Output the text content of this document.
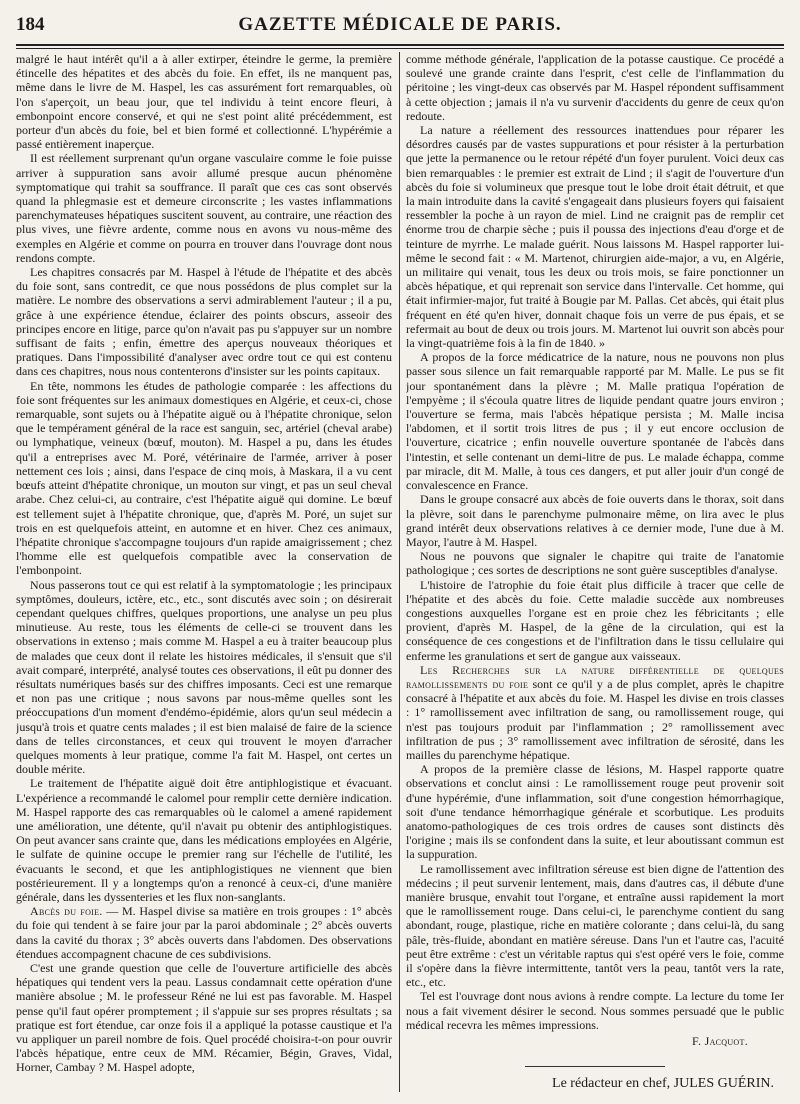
184	GAZETTE MÉDICALE DE PARIS.

malgré le haut intérêt qu'il a à aller extirper, éteindre le germe, la première étincelle des hépatites et des abcès du foie. En effet, ils ne manquent pas, même dans le livre de M. Haspel, les cas assurément fort remarquables, où l'on s'aperçoit, un beau jour, que tel individu à teint encore fleuri, à embonpoint encore conservé, et qui ne s'est point alité précédemment, est porteur d'un abcès du foie, bel et bien formé et collectionné. L'hypérémie a passé entièrement inaperçue.

Il est réellement surprenant qu'un organe vasculaire comme le foie puisse arriver à suppuration sans avoir allumé presque aucun phénomène symptomatique qui trahit sa souffrance. Il paraît que ces cas sont observés quand la phlegmasie est et demeure circonscrite ; les vastes inflammations parenchymateuses hépatiques suscitent souvent, au contraire, une réaction des plus vives, une fièvre ardente, comme nous en avons vu nous-même des exemples en Algérie et comme on pourra en trouver dans l'ouvrage dont nous rendons compte.

Les chapitres consacrés par M. Haspel à l'étude de l'hépatite et des abcès du foie sont, sans contredit, ce que nous possédons de plus complet sur la matière. Le nombre des observations a servi admirablement l'auteur ; il a pu, grâce à une expérience étendue, éclairer des points obscurs, asseoir des principes encore en litige, parce qu'on n'avait pas pu s'appuyer sur un nombre suffisant de faits ; enfin, émettre des aperçus nouveaux théoriques et pratiques. Dans l'impossibilité d'analyser avec ordre tout ce qui est contenu dans ces chapitres, nous nous contenterons d'insister sur les points capitaux.

En tête, nommons les études de pathologie comparée : les affections du foie sont fréquentes sur les animaux domestiques en Algérie, et ceux-ci, chose remarquable, sont sujets ou à l'hépatite aiguë ou à l'hépatite chronique, selon que le tempérament général de la race est sanguin, sec, artériel (cheval arabe) ou lymphatique, veineux (bœuf, mouton). M. Haspel a pu, dans les études qu'il a entreprises avec M. Poré, vétérinaire de l'armée, arriver à poser nettement ces lois ; ainsi, dans l'espace de cinq mois, à Maskara, il a vu cent bœufs atteint d'hépatite chronique, un mouton sur vingt, et pas un seul cheval arabe. Chez celui-ci, au contraire, c'est l'hépatite aiguë qui domine. Le bœuf est tellement sujet à l'hépatite chronique, que, d'après M. Poré, un sujet sur trois en est quelquefois atteint, en automne et en hiver. Chez ces animaux, l'hépatite chronique s'accompagne toujours d'un rapide amaigrissement ; chez l'homme elle est quelquefois compatible avec la conservation de l'embonpoint.

Nous passerons tout ce qui est relatif à la symptomatologie ; les principaux symptômes, douleurs, ictère, etc., etc., sont discutés avec soin ; on désirerait cependant quelques chiffres, quelques proportions, une analyse un peu plus minutieuse. Au reste, tous les éléments de celle-ci se trouvent dans les observations in extenso ; mais comme M. Haspel a eu à traiter beaucoup plus de malades que ceux dont il relate les histoires médicales, il s'ensuit que s'il avait comparé, interprété, analysé toutes ces observations, il eût pu donner des résultats numériques basés sur des chiffres imposants. Ceci est une remarque et non pas une critique ; nous savons par nous-même quelles sont les préoccupations d'un moment d'endémo-épidémie, alors qu'un seul médecin a jusqu'à trois et quatre cents malades ; il est bien malaisé de faire de la science dans de telles circonstances, et ceux qui trouvent le moyen d'arracher quelques moments à leur pratique, comme l'a fait M. Haspel, ont certes un double mérite.

Le traitement de l'hépatite aiguë doit être antiphlogistique et évacuant. L'expérience a recommandé le calomel pour remplir cette dernière indication. M. Haspel rapporte des cas remarquables où le calomel a amené rapidement une amélioration, une détente, qu'il n'avait pu obtenir des antiphlogistiques. On peut avancer sans crainte que, dans les médications employées en Algérie, le sulfate de quinine occupe le premier rang sur l'échelle de l'utilité, les évacuants le second, et que les antiphlogistiques ne viennent que bien postérieurement. Il y a longtemps qu'on a renoncé à ceux-ci, d'une manière générale, dans les dyssenteries et les flux non-sanglants.

Abcès du foie. — M. Haspel divise sa matière en trois groupes : 1° abcès du foie qui tendent à se faire jour par la paroi abdominale ; 2° abcès ouverts dans la cavité du thorax ; 3° abcès ouverts dans l'abdomen. Des observations étendues accompagnent chacune de ces subdivisions.

C'est une grande question que celle de l'ouverture artificielle des abcès hépatiques qui tendent vers la peau. Lassus condamnait cette opération d'une manière absolue ; M. le professeur Réné ne lui est pas favorable. M. Haspel pense qu'il faut opérer promptement ; il s'appuie sur ses propres résultats ; sa pratique est fort étendue, car onze fois il a appliqué la potasse caustique et l'a vu appliquer un pareil nombre de fois. Quel procédé choisira-t-on pour ouvrir l'abcès hépatique, entre ceux de MM. Récamier, Bégin, Graves, Vidal, Horner, Cambay ? M. Haspel adopte,

comme méthode générale, l'application de la potasse caustique. Ce procédé a soulevé une grande crainte dans l'esprit, c'est celle de l'inflammation du péritoine ; les vingt-deux cas observés par M. Haspel répondent suffisamment à cette objection ; jamais il n'a vu survenir d'accidents du genre de ceux qu'on redoute.

La nature a réellement des ressources inattendues pour réparer les désordres causés par de vastes suppurations et pour résister à la perturbation que jette la permanence ou le retour répété d'un foyer purulent. Voici deux cas bien remarquables : le premier est extrait de Lind ; il s'agit de l'ouverture d'un abcès du foie si volumineux que presque tout le lobe droit était détruit, et que la main introduite dans la cavité s'engageait dans plusieurs foyers qui faisaient ressembler la poche à un rayon de miel. Lind ne craignit pas de remplir cet énorme trou de charpie sèche ; puis il poussa des injections d'eau d'orge et de teinture de myrrhe. Le malade guérit. Nous laissons M. Haspel rapporter lui-même le second fait : « M. Martenot, chirurgien aide-major, a vu, en Algérie, un militaire qui venait, tous les deux ou trois mois, se faire ponctionner un abcès hépatique, et qui reprenait son service dans l'intervalle. Cet homme, qui était infirmier-major, fut traité à Bougie par M. Pallas. Cet abcès, qui était plus fréquent en été qu'en hiver, donnait chaque fois un verre de pus épais, et se refermait au bout de deux ou trois jours. M. Martenot lui ouvrit son abcès pour la vingt-quatrième fois à la fin de 1840. »

A propos de la force médicatrice de la nature, nous ne pouvons non plus passer sous silence un fait remarquable rapporté par M. Malle. Le pus se fit jour spontanément dans la plèvre ; M. Malle pratiqua l'opération de l'empyème ; il s'écoula quatre litres de liquide pendant quatre jours environ ; l'ouverture se ferma, mais l'abcès hépatique persista ; M. Malle incisa l'abdomen, et il sortit trois litres de pus ; il y eut encore occlusion de l'ouverture, cicatrice ; enfin nouvelle ouverture spontanée de l'abcès dans l'intestin, et selle contenant un demi-litre de pus. Le malade échappa, comme par miracle, dit M. Malle, à tous ces dangers, et put aller jouir d'un congé de convalescence en France.

Dans le groupe consacré aux abcès de foie ouverts dans le thorax, soit dans la plèvre, soit dans le parenchyme pulmonaire même, on lira avec le plus grand intérêt deux observations relatives à ce dernier mode, l'une due à M. Mayor, l'autre à M. Haspel.

Nous ne pouvons que signaler le chapitre qui traite de l'anatomie pathologique ; ces sortes de descriptions ne sont guère susceptibles d'analyse.

L'histoire de l'atrophie du foie était plus difficile à tracer que celle de l'hépatite et des abcès du foie. Cette maladie succède aux nombreuses congestions auxquelles l'organe est en proie chez les fébricitants ; elle provient, d'après M. Haspel, de la gêne de la circulation, qui est la conséquence de ces congestions et de l'infiltration dans le tissu cellulaire qui enferme les granulations et sert de gangue aux vaisseaux.

Les Recherches sur la nature différentielle de quelques ramollissements du foie sont ce qu'il y a de plus complet, après le chapitre consacré à l'hépatite et aux abcès du foie. M. Haspel les divise en trois classes : 1° ramollissement avec infiltration de sang, ou ramollissement rouge, qui n'est pas toujours produit par l'inflammation ; 2° ramollissement avec infiltration de pus ; 3° ramollissement avec infiltration de sérosité, dans les mailles du parenchyme hépatique.

A propos de la première classe de lésions, M. Haspel rapporte quatre observations et conclut ainsi : Le ramollissement rouge peut provenir soit d'une hypérémie, d'une inflammation, soit d'une congestion hémorrhagique, soit d'une tendance hémorrhagique générale et scorbutique. Les produits anatomo-pathologiques de ces trois ordres de causes sont distincts dès l'origine ; mais ils se confondent dans la suite, et leur aboutissant commun est la suppuration.

Le ramollissement avec infiltration séreuse est bien digne de l'attention des médecins ; il peut survenir lentement, mais, dans d'autres cas, il débute d'une manière brusque, envahit tout l'organe, et entraîne aussi rapidement la mort que le ramollissement rouge. Dans celui-ci, le parenchyme contient du sang abondant, rouge, plastique, riche en matière colorante ; dans celui-là, du sang pâle, très-fluide, abondant en matière séreuse. Dans l'un et l'autre cas, l'acuité peut être extrême : c'est un véritable raptus qui s'est opéré vers le foie, comme il s'opère dans la fièvre intermittente, tantôt vers la peau, tantôt vers la rate, etc., etc.

Tel est l'ouvrage dont nous avions à rendre compte. La lecture du tome Ier nous a fait vivement désirer le second. Nous sommes persuadé que le public médical recevra les mêmes impressions.

F. Jacquot.
Le rédacteur en chef, JULES GUÉRIN.
